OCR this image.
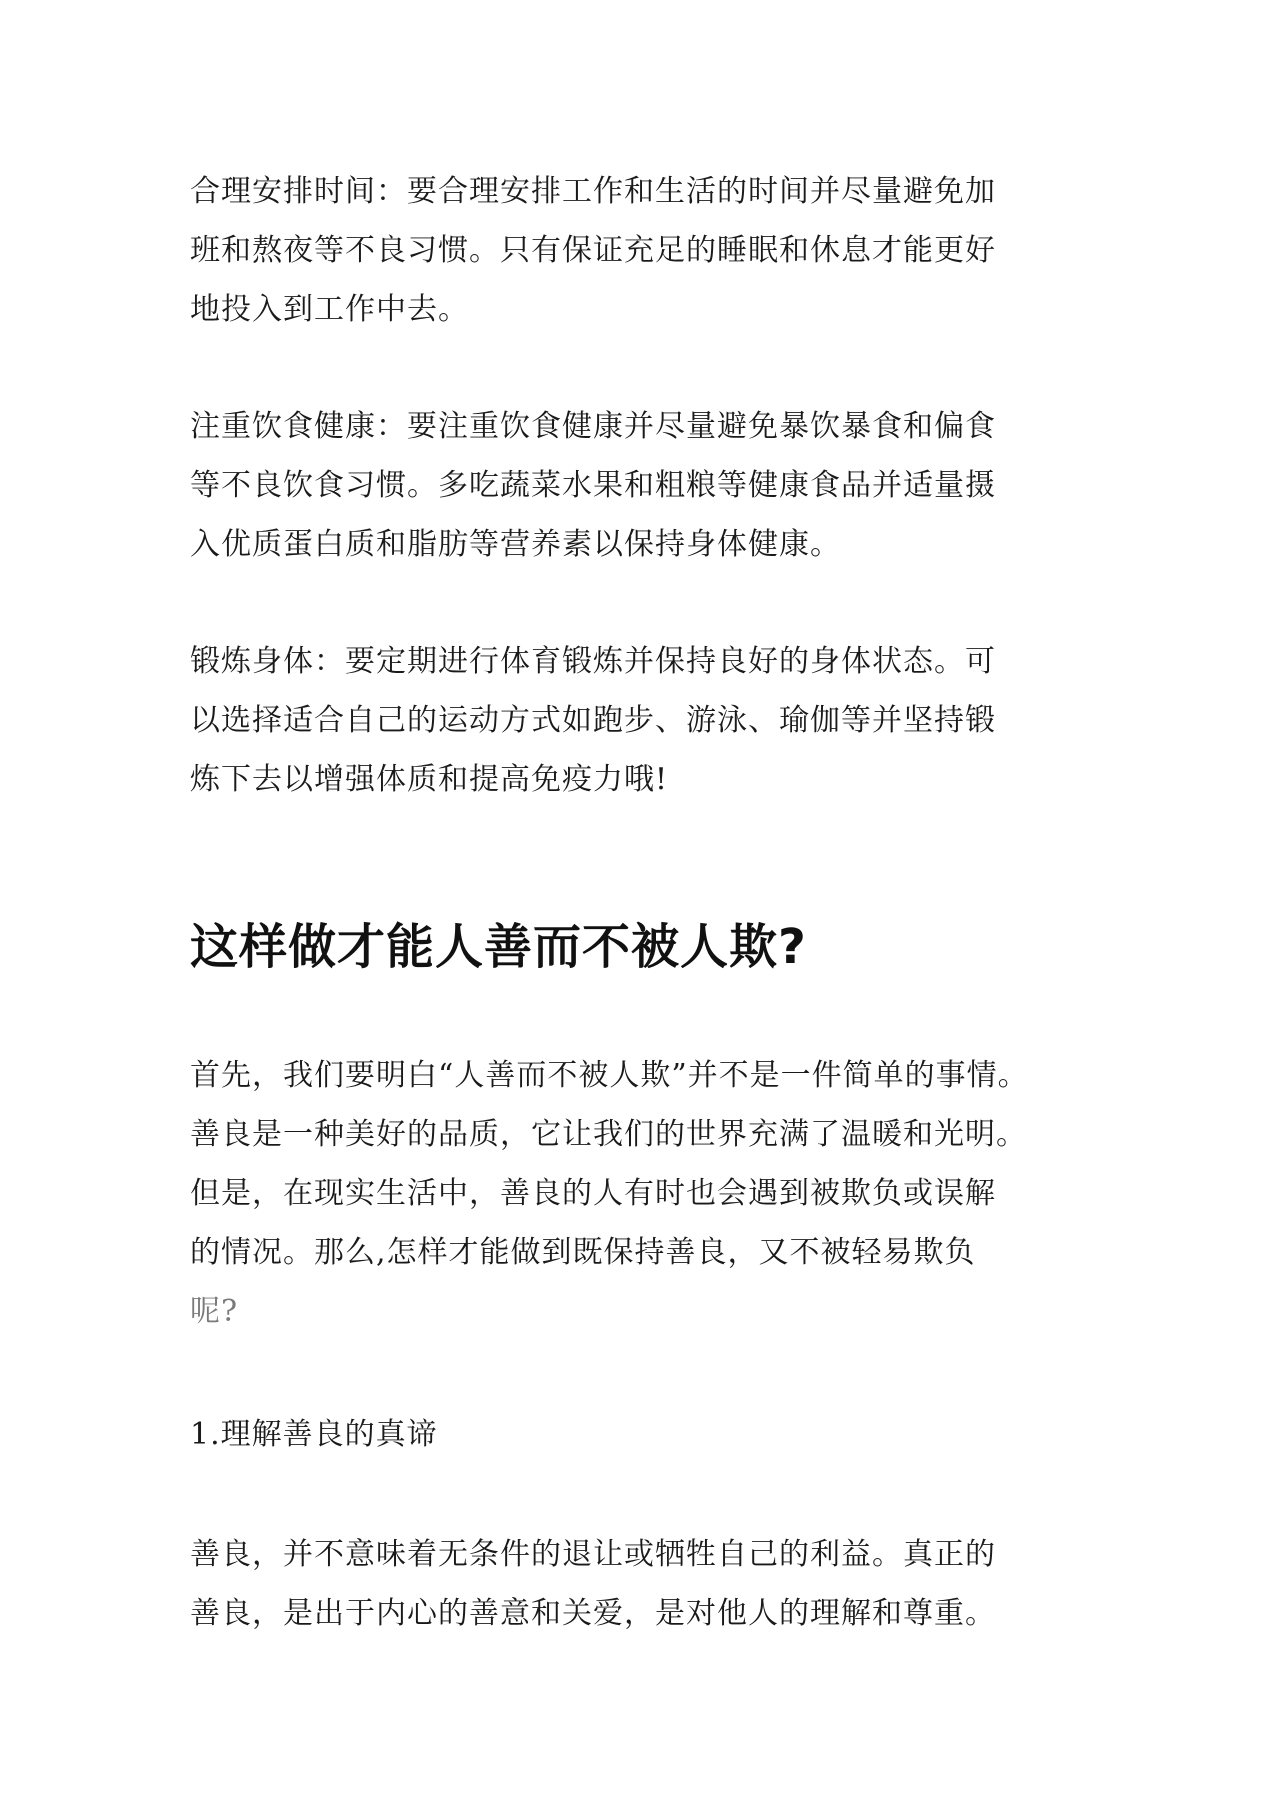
合理安排时间：要合理安排工作和生活的时间并尽量避免加
班和熬夜等不良习惯。只有保证充足的睡眠和休息才能更好
地投入到工作中去。

注重饮食健康：要注重饮食健康并尽量避免暴饮暴食和偏食
等不良饮食习惯。多吃蔬菜水果和粗粮等健康食品并适量摄
入优质蛋白质和脂肪等营养素以保持身体健康。

锻炼身体：要定期进行体育锻炼并保持良好的身体状态。可
以选择适合自己的运动方式如跑步、游泳、瑜伽等并坚持锻
炼下去以增强体质和提高免疫力哦!

这样做才能人善而不被人欺?

首先，我们要明白“人善而不被人欺”并不是一件简单的事情。
善良是一种美好的品质，它让我们的世界充满了温暖和光明。
但是，在现实生活中，善良的人有时也会遇到被欺负或误解
的情况。那么,怎样才能做到既保持善良，又不被轻易欺负
呢?

1.理解善良的真谛

善良，并不意味着无条件的退让或牺牲自己的利益。真正的
善良，是出于内心的善意和关爱，是对他人的理解和尊重。
